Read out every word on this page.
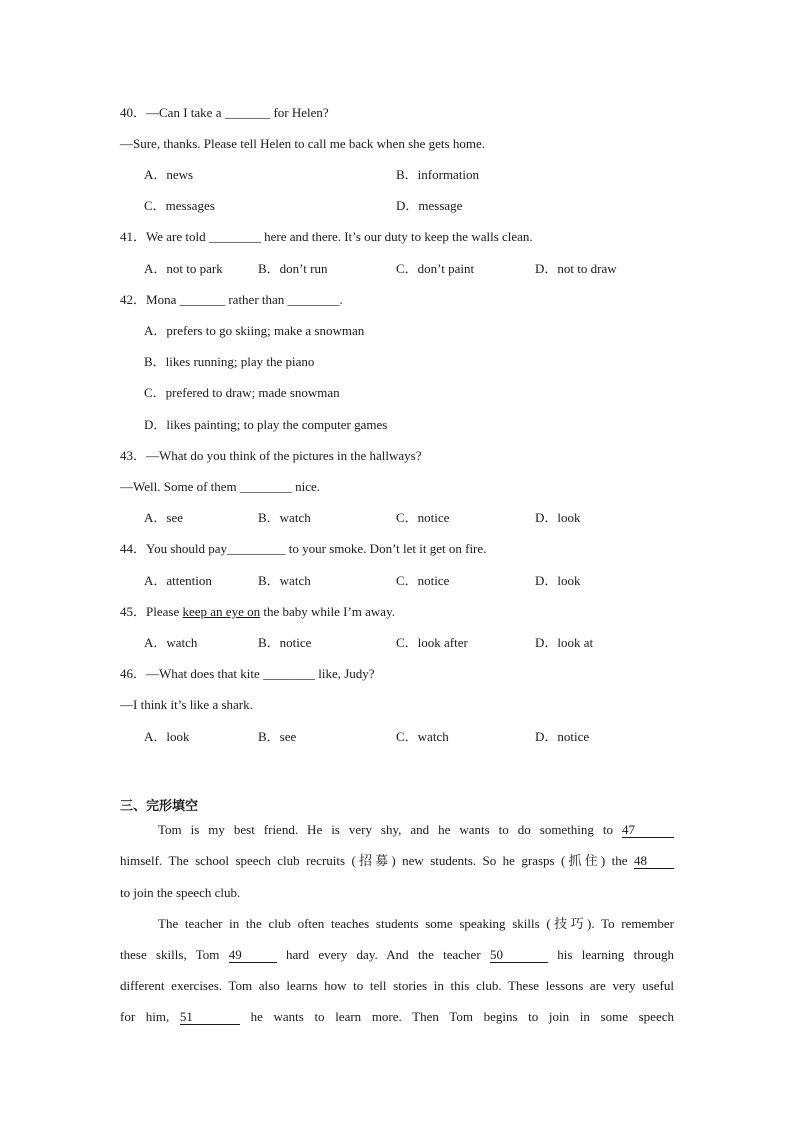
40．—Can I take a _______ for Helen?
—Sure, thanks. Please tell Helen to call me back when she gets home.
A．news	B．information
C．messages	D．message
41．We are told ________ here and there. It’s our duty to keep the walls clean.
A．not to park	B．don’t run	C．don’t paint	D．not to draw
42．Mona _______ rather than ________.
A．prefers to go skiing; make a snowman
B．likes running; play the piano
C．prefered to draw; made snowman
D．likes painting; to play the computer games
43．—What do you think of the pictures in the hallways?
—Well. Some of them ________ nice.
A．see	B．watch	C．notice	D．look
44．You should pay_________ to your smoke. Don’t let it get on fire.
A．attention	B．watch	C．notice	D．look
45．Please keep an eye on the baby while I’m away.
A．watch	B．notice	C．look after	D．look at
46．—What does that kite ________ like, Judy?
—I think it’s like a shark.
A．look	B．see	C．watch	D．notice
三、完形填空
Tom is my best friend. He is very shy, and he wants to do something to 47
himself. The school speech club recruits (招募) new students. So he grasps (抓住) the 48
to join the speech club.
The teacher in the club often teaches students some speaking skills (技巧). To remember
these skills, Tom 49	hard every day. And the teacher 50	his learning through
different exercises. Tom also learns how to tell stories in this club. These lessons are very useful
for him, 51	he wants to learn more. Then Tom begins to join in some speech
